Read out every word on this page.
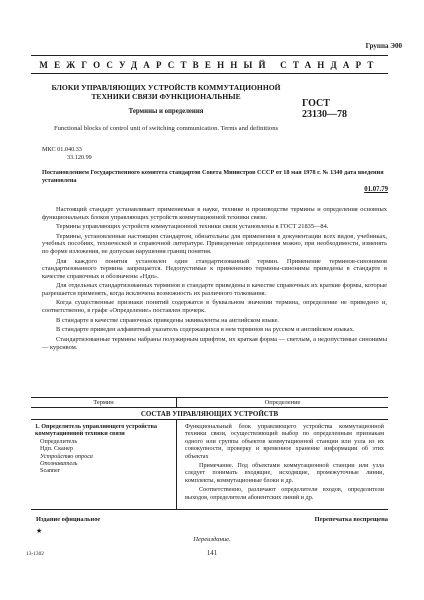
Группа Э00
МЕЖГОСУДАРСТВЕННЫЙ СТАНДАРТ
БЛОКИ УПРАВЛЯЮЩИХ УСТРОЙСТВ КОММУТАЦИОННОЙ ТЕХНИКИ СВЯЗИ ФУНКЦИОНАЛЬНЫЕ
ГОСТ
23130—78
Термины и определения
Functional blocks of control unit of switching communication. Terms and definitions
МКС 01.040.33
33.120.99
Постановлением Государственного комитета стандартов Совета Министров СССР от 18 мая 1978 г. № 1340 дата введения установлена
01.07.79

Настоящий стандарт устанавливает применяемые в науке, технике и производстве термины и определения основных функциональных блоков управляющих устройств коммутационной техники связи.

Термины управляющих устройств коммутационной техники связи установлены в ГОСТ 21835—84.

Термины, установленные настоящим стандартом, обязательны для применения в документации всех видов, учебниках, учебных пособиях, технической и справочной литературе. Приведенные определения можно, при необходимости, изменять по форме изложения, не допуская нарушения границ понятия.

Для каждого понятия установлен один стандартизованный термин. Применение терминов-синонимов стандартизованного термина запрещается. Недопустимые к применению термины-синонимы приведены в стандарте в качестве справочных и обозначены «Ндп».

Для отдельных стандартизованных терминов в стандарте приведены в качестве справочных их краткие формы, которые разрешается применять, когда исключена возможность их различного толкования.

Когда существенные признаки понятий содержатся в буквальном значении термина, определение не приведено и, соответственно, в графе «Определение» поставлен прочерк.

В стандарте в качестве справочных приведены эквиваленты на английском языке.

В стандарте приведен алфавитный указатель содержащихся в нем терминов на русском и английском языках.

Стандартизованные термины набраны полужирным шрифтом, их краткая форма — светлым, а недопустимые синонимы — курсивом.

Термин	Определение
СОСТАВ УПРАВЛЯЮЩИХ УСТРОЙСТВ
1. Определитель управляющего устройства коммутационной техники связи
Определитель
Ндп. Сканер
Устройство опроса
Опознаватель
Scanner

Функциональный блок управляющего устройства коммутационной техники связи, осуществляющий выбор по определенным признакам одного или группы объектов коммутационной станции или узла из их совокупности, проверку и временное хранение информации об этих объектах

Примечание. Под объектами коммутационной станции или узла следует понимать входящие, исходящие, промежуточные линии, комплекты, коммутационные блоки и др.

Соответственно, различают определители входов, определители выходов, определители абонентских линий и др.

Издание официальное	Перепечатка воспрещена
★
Переиздание.
141
13-1302
